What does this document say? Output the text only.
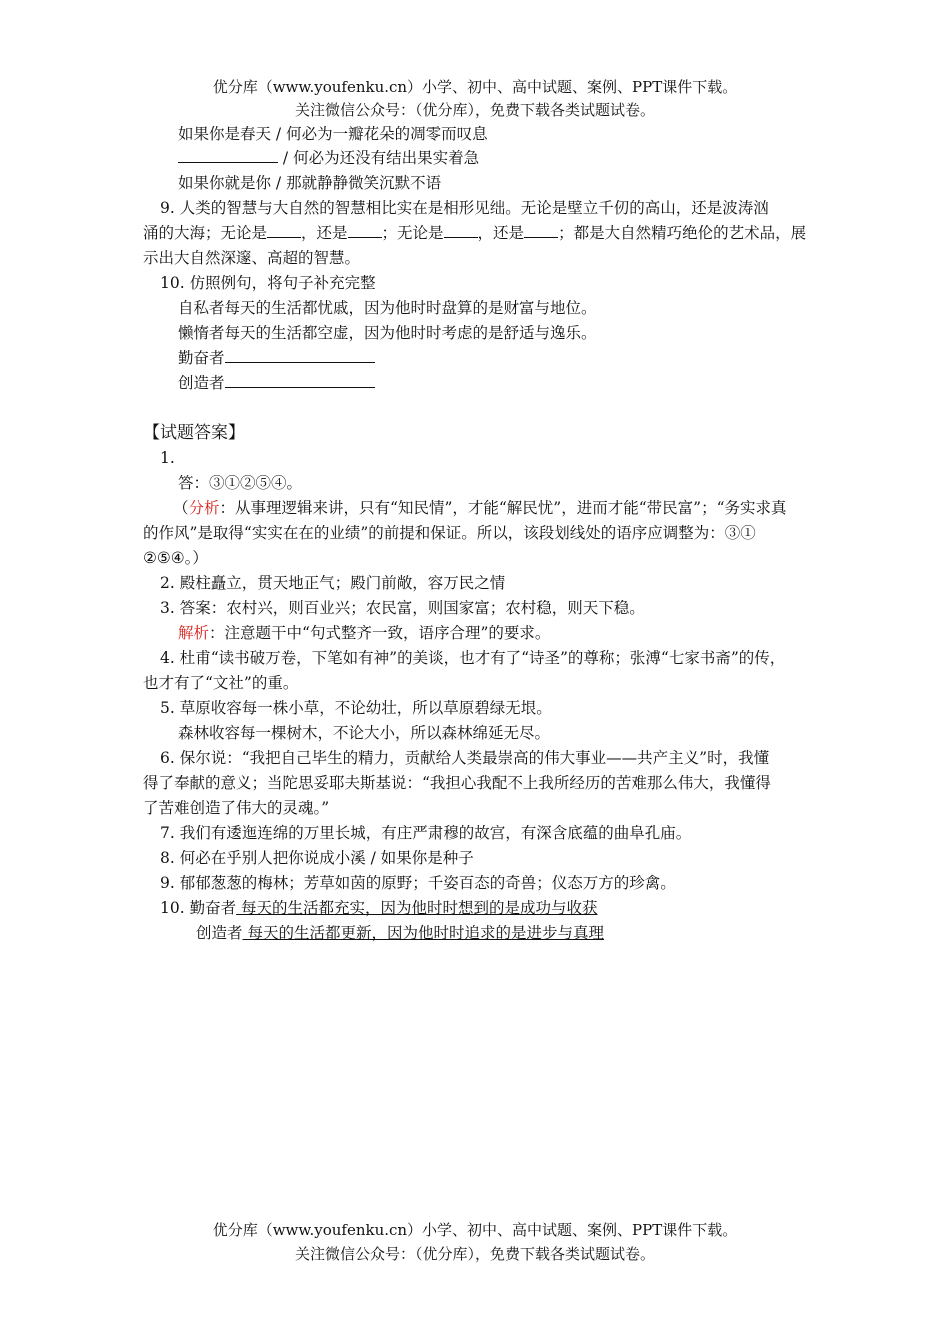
优分库（www.youfenku.cn）小学、初中、高中试题、案例、PPT课件下载。
关注微信公众号：（优分库），免费下载各类试题试卷。
如果你是春天 / 何必为一瓣花朵的凋零而叹息
/ 何必为还没有结出果实着急
如果你就是你 / 那就静静微笑沉默不语
9. 人类的智慧与大自然的智慧相比实在是相形见绌。无论是壁立千仞的高山，还是波涛汹
涌的大海；无论是 ，还是 ；无论是 ，还是 ；都是大自然精巧绝伦的艺术品，展
示出大自然深邃、高超的智慧。
10. 仿照例句，将句子补充完整
自私者每天的生活都忧戚，因为他时时盘算的是财富与地位。
懒惰者每天的生活都空虚，因为他时时考虑的是舒适与逸乐。
勤奋者
创造者
【试题答案】
1.
答：③①②⑤④。
（分析：从事理逻辑来讲，只有“知民情”，才能“解民忧”，进而才能“带民富”；“务实求真
的作风”是取得“实实在在的业绩”的前提和保证。所以，该段划线处的语序应调整为：③①
②⑤④。）
2. 殿柱矗立，贯天地正气；殿门前敞，容万民之情
3. 答案：农村兴，则百业兴；农民富，则国家富；农村稳，则天下稳。
解析：注意题干中“句式整齐一致，语序合理”的要求。
4. 杜甫“读书破万卷，下笔如有神”的美谈，也才有了“诗圣”的尊称；张溥“七家书斋”的传，
也才有了“文社”的重。
5. 草原收容每一株小草，不论幼壮，所以草原碧绿无垠。
森林收容每一棵树木，不论大小，所以森林绵延无尽。
6. 保尔说：“我把自己毕生的精力，贡献给人类最崇高的伟大事业——共产主义”时，我懂
得了奉献的意义；当陀思妥耶夫斯基说：“我担心我配不上我所经历的苦难那么伟大，我懂得
了苦难创造了伟大的灵魂。”
7. 我们有逶迤连绵的万里长城，有庄严肃穆的故宫，有深含底蕴的曲阜孔庙。
8. 何必在乎别人把你说成小溪 / 如果你是种子
9. 郁郁葱葱的梅林；芳草如茵的原野；千姿百态的奇兽；仪态万方的珍禽。
10. 勤奋者 每天的生活都充实，因为他时时想到的是成功与收获
创造者 每天的生活都更新，因为他时时追求的是进步与真理
优分库（www.youfenku.cn）小学、初中、高中试题、案例、PPT课件下载。
关注微信公众号：（优分库），免费下载各类试题试卷。
